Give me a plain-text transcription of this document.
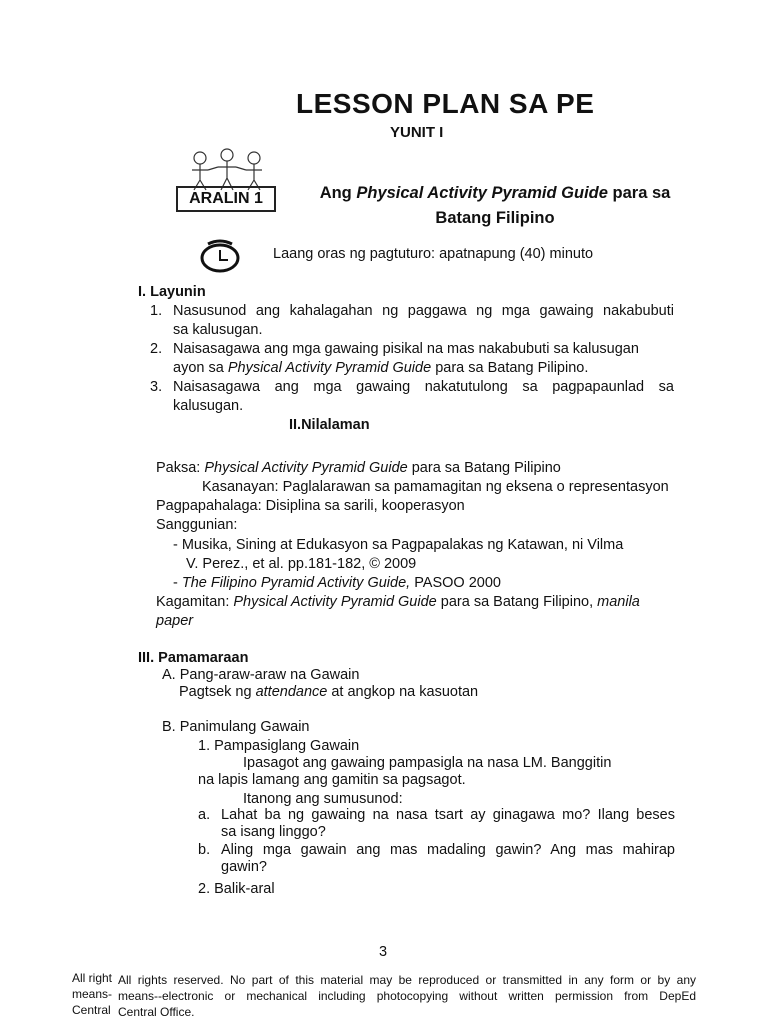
LESSON PLAN SA PE
YUNIT I
ARALIN 1	Ang Physical Activity Pyramid Guide para sa Batang Filipino
Laang oras ng pagtuturo: apatnapung (40) minuto
I. Layunin
1. Nasusunod ang kahalagahan ng paggawa ng mga gawaing nakabubuti
sa kalusugan.
2. Naisasagawa ang mga gawaing pisikal na mas nakabubuti sa kalusugan
ayon sa Physical Activity Pyramid Guide para sa Batang Pilipino.
3. Naisasagawa ang mga gawaing nakatutulong sa pagpapaunlad sa
kalusugan.
II.Nilalaman
Paksa: Physical Activity Pyramid Guide para sa Batang Pilipino
Kasanayan: Paglalarawan sa pamamagitan ng eksena o representasyon
Pagpapahalaga: Disiplina sa sarili, kooperasyon
Sanggunian:
- Musika, Sining at Edukasyon sa Pagpapalakas ng Katawan, ni Vilma
V. Perez., et al. pp.181-182, © 2009
- The Filipino Pyramid Activity Guide, PASOO 2000
Kagamitan: Physical Activity Pyramid Guide para sa Batang Filipino, manila
paper
III. Pamamaraan
A. Pang-araw-araw na Gawain
Pagtsek ng attendance at angkop na kasuotan
B. Panimulang Gawain
1. Pampasiglang Gawain
Ipasagot ang gawaing pampasigla na nasa LM. Banggitin
na lapis lamang ang gamitin sa pagsagot.
Itanong ang sumusunod:
a. Lahat ba ng gawaing na nasa tsart ay ginagawa mo? Ilang beses
sa isang linggo?
b. Aling mga gawain ang mas madaling gawin? Ang mas mahirap
gawin?
2. Balik-aral
3
All right
means-
Central
All rights reserved. No part of this material may be reproduced or transmitted in any form or by any
means--electronic or mechanical including photocopying without written permission from DepEd
Central Office.
